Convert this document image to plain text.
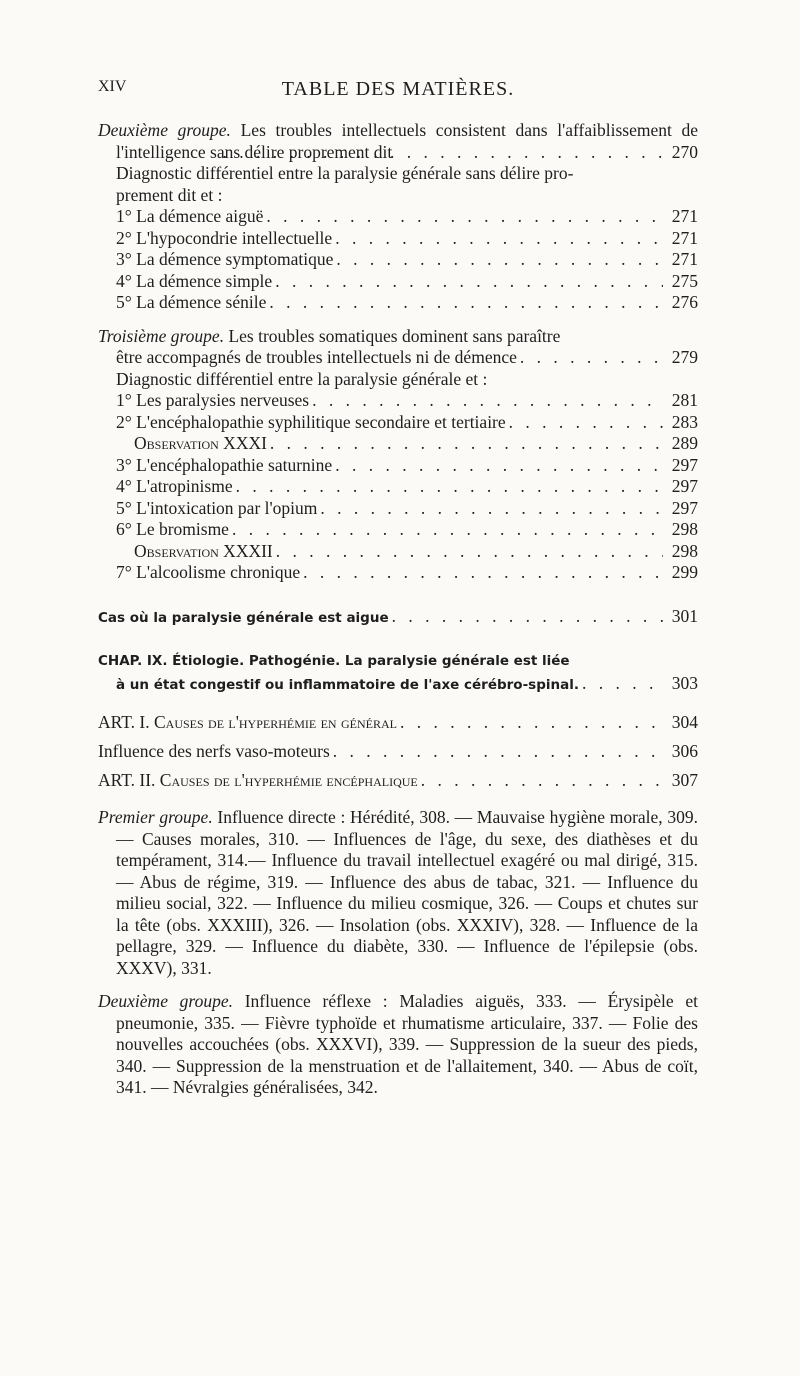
XIV	TABLE DES MATIÈRES.

Deuxième groupe. Les troubles intellectuels consistent dans l'affaiblissement de l'intelligence sans délire proprement dit . . .	270
Diagnostic différentiel entre la paralysie générale sans délire pro-
prement dit et :
1° La démence aiguë . . .	271
2° L'hypocondrie intellectuelle . . .	271
3° La démence symptomatique . . .	271
4° La démence simple . . .	275
5° La démence sénile . . .	276
Troisième groupe. Les troubles somatiques dominent sans paraître
être accompagnés de troubles intellectuels ni de démence . . .	279
Diagnostic différentiel entre la paralysie générale et :
1° Les paralysies nerveuses . . .	281
2° L'encéphalopathie syphilitique secondaire et tertiaire . . .	283
Observation XXXI . . .	289
3° L'encéphalopathie saturnine . . .	297
4° L'atropinisme . . .	297
5° L'intoxication par l'opium . . .	297
6° Le bromisme . . .	298
Observation XXXII . . .	298
7° L'alcoolisme chronique . . .	299
Cas où la paralysie générale est aigue . . .	301
CHAP. IX. Étiologie. Pathogénie. La paralysie générale est liée
à un état congestif ou inflammatoire de l'axe cérébro-spinal. . . .	303
ART. I. Causes de l'hyperhémie en général . . .	304
Influence des nerfs vaso-moteurs . . .	306
ART. II. Causes de l'hyperhémie encéphalique . . .	307

Premier groupe. Influence directe : Hérédité, 308. — Mauvaise hygiène morale, 309. — Causes morales, 310. — Influences de l'âge, du sexe, des diathèses et du tempérament, 314.— Influence du travail intellectuel exagéré ou mal dirigé, 315. — Abus de régime, 319. — Influence des abus de tabac, 321. — Influence du milieu social, 322. — Influence du milieu cosmique, 326. — Coups et chutes sur la tête (obs. XXXIII), 326. — Insolation (obs. XXXIV), 328. — Influence de la pellagre, 329. — Influence du diabète, 330. — Influence de l'épilepsie (obs. XXXV), 331.

Deuxième groupe. Influence réflexe : Maladies aiguës, 333. — Érysipèle et pneumonie, 335. — Fièvre typhoïde et rhumatisme articulaire, 337. — Folie des nouvelles accouchées (obs. XXXVI), 339. — Suppression de la sueur des pieds, 340. — Suppression de la menstruation et de l'allaitement, 340. — Abus de coït, 341. — Névralgies généralisées, 342.
